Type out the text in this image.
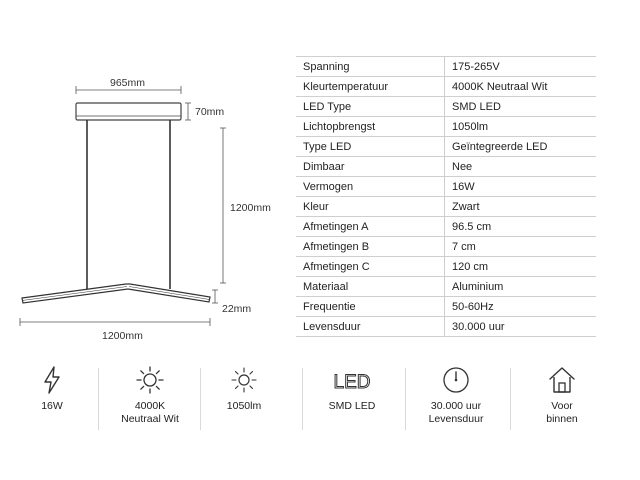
965mm
70mm
1200mm
22mm
1200mm
Spanning	175-265V
Kleurtemperatuur	4000K Neutraal Wit
LED Type	SMD LED
Lichtopbrengst	1050lm
Type LED	Geïntegreerde LED
Dimbaar	Nee
Vermogen	16W
Kleur	Zwart
Afmetingen A	96.5 cm
Afmetingen B	7 cm
Afmetingen C	120 cm
Materiaal	Aluminium
Frequentie	50-60Hz
Levensduur	30.000 uur
16W	4000K
Neutraal Wit
1050lm
LED
SMD LED	30.000 uur
Levensduur
Voor
binnen
